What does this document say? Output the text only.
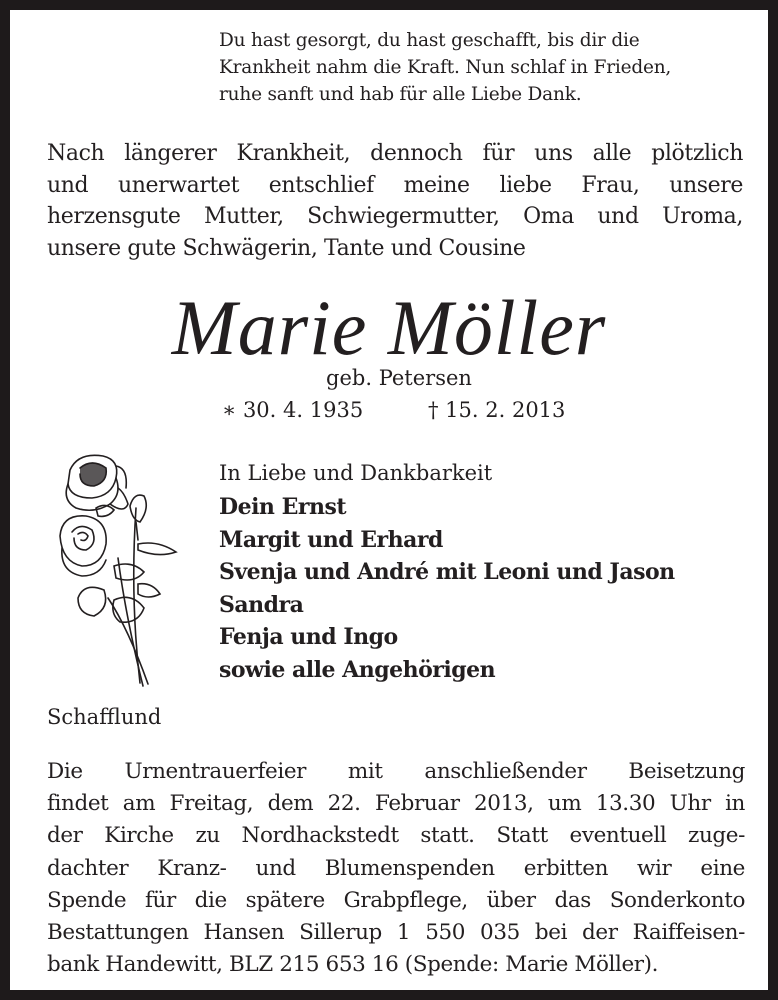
Du hast gesorgt, du hast geschafft, bis dir die
Krankheit nahm die Kraft. Nun schlaf in Frieden,
ruhe sanft und hab für alle Liebe Dank.
Nach längerer Krankheit, dennoch für uns alle plötzlich
und unerwartet entschlief meine liebe Frau, unsere
herzensgute Mutter, Schwiegermutter, Oma und Uroma,
unsere gute Schwägerin, Tante und Cousine
Marie Möller
geb. Petersen
∗ 30. 4. 1935	† 15. 2. 2013
In Liebe und Dankbarkeit
Dein Ernst
Margit und Erhard
Svenja und André mit Leoni und Jason
Sandra
Fenja und Ingo
sowie alle Angehörigen
Schafflund
Die Urnentrauerfeier mit anschließender Beisetzung
findet am Freitag, dem 22. Februar 2013, um 13.30 Uhr in
der Kirche zu Nordhackstedt statt. Statt eventuell zuge-
dachter Kranz- und Blumenspenden erbitten wir eine
Spende für die spätere Grabpflege, über das Sonderkonto
Bestattungen Hansen Sillerup 1 550 035 bei der Raiffeisen-
bank Handewitt, BLZ 215 653 16 (Spende: Marie Möller).
